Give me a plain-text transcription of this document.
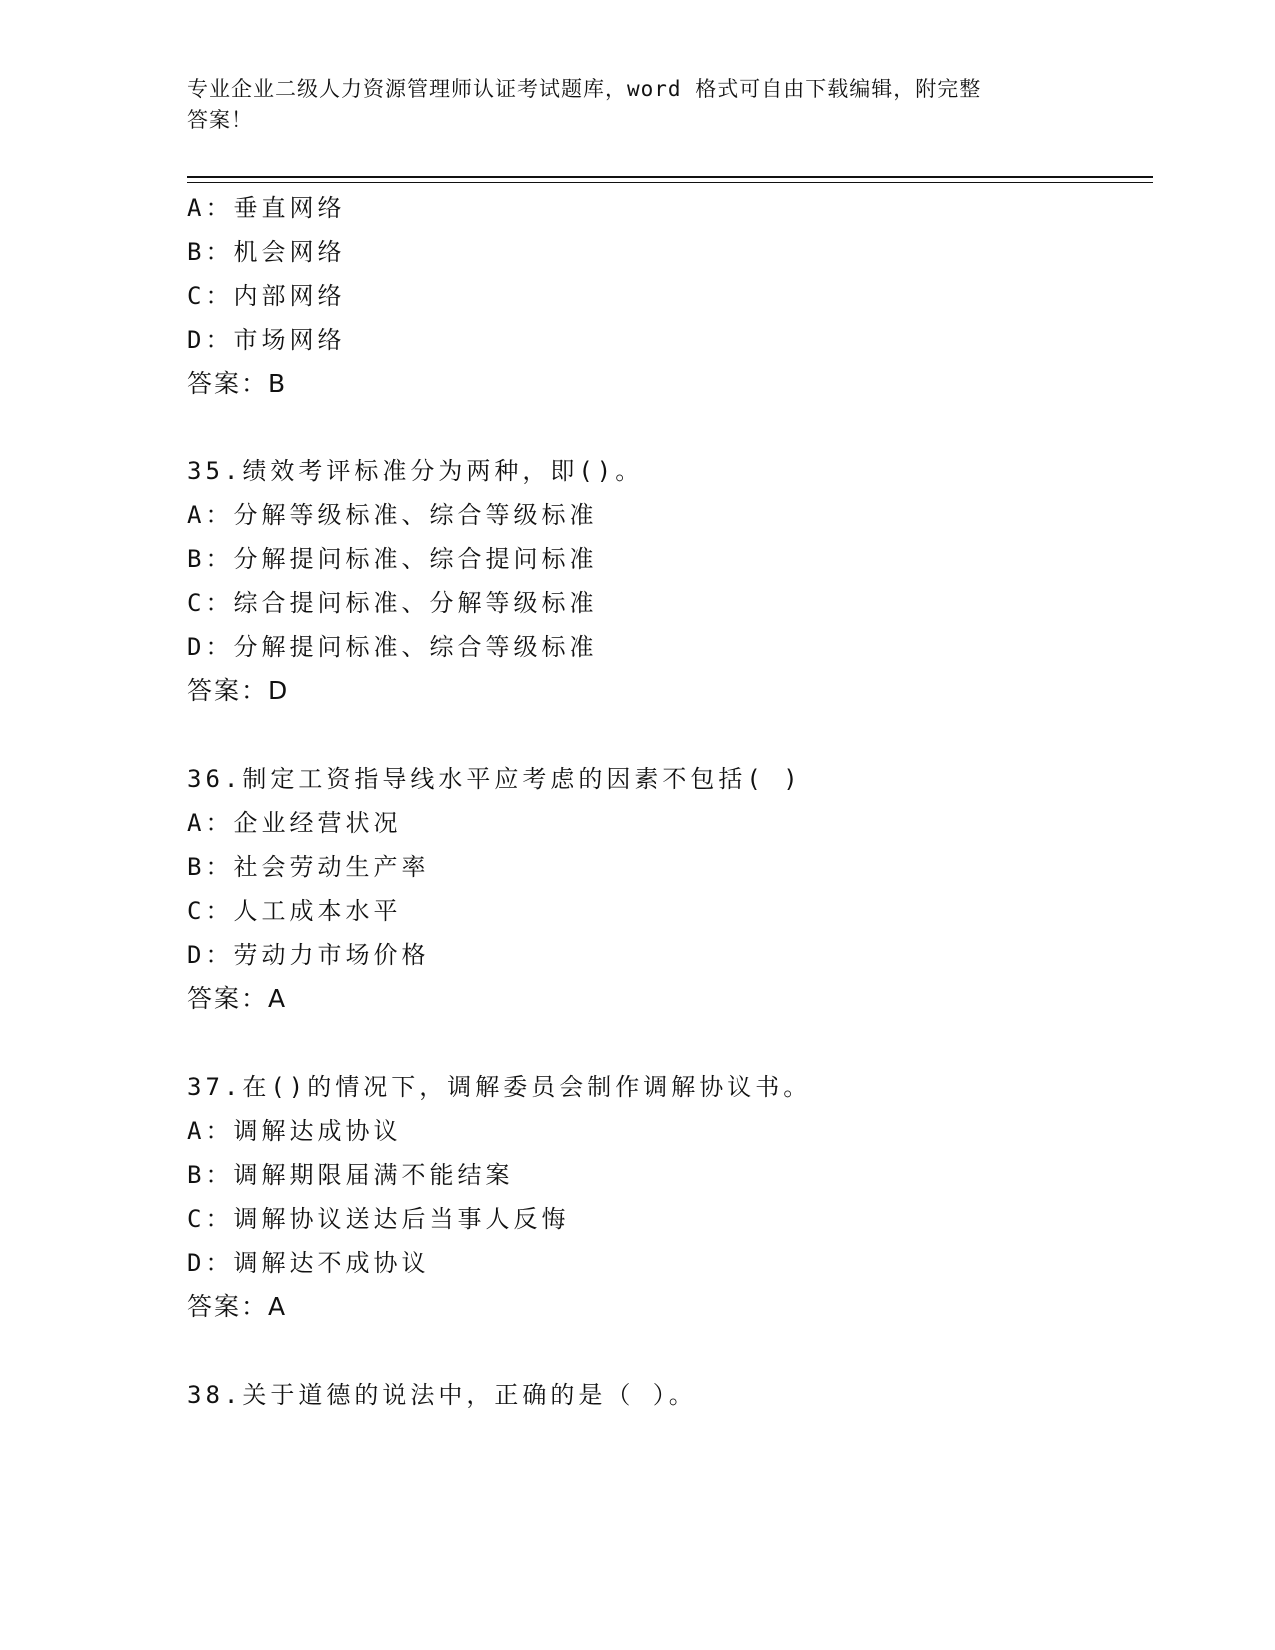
专业企业二级人力资源管理师认证考试题库，word 格式可自由下载编辑，附完整
答案！
A：垂直网络
B：机会网络
C：内部网络
D：市场网络
答案：B
35.绩效考评标准分为两种，即()。
A：分解等级标准、综合等级标准
B：分解提问标准、综合提问标准
C：综合提问标准、分解等级标准
D：分解提问标准、综合等级标准
答案：D
36.制定工资指导线水平应考虑的因素不包括( )
A：企业经营状况
B：社会劳动生产率
C：人工成本水平
D：劳动力市场价格
答案：A
37.在()的情况下，调解委员会制作调解协议书。
A：调解达成协议
B：调解期限届满不能结案
C：调解协议送达后当事人反悔
D：调解达不成协议
答案：A
38.关于道德的说法中，正确的是（ ）。
